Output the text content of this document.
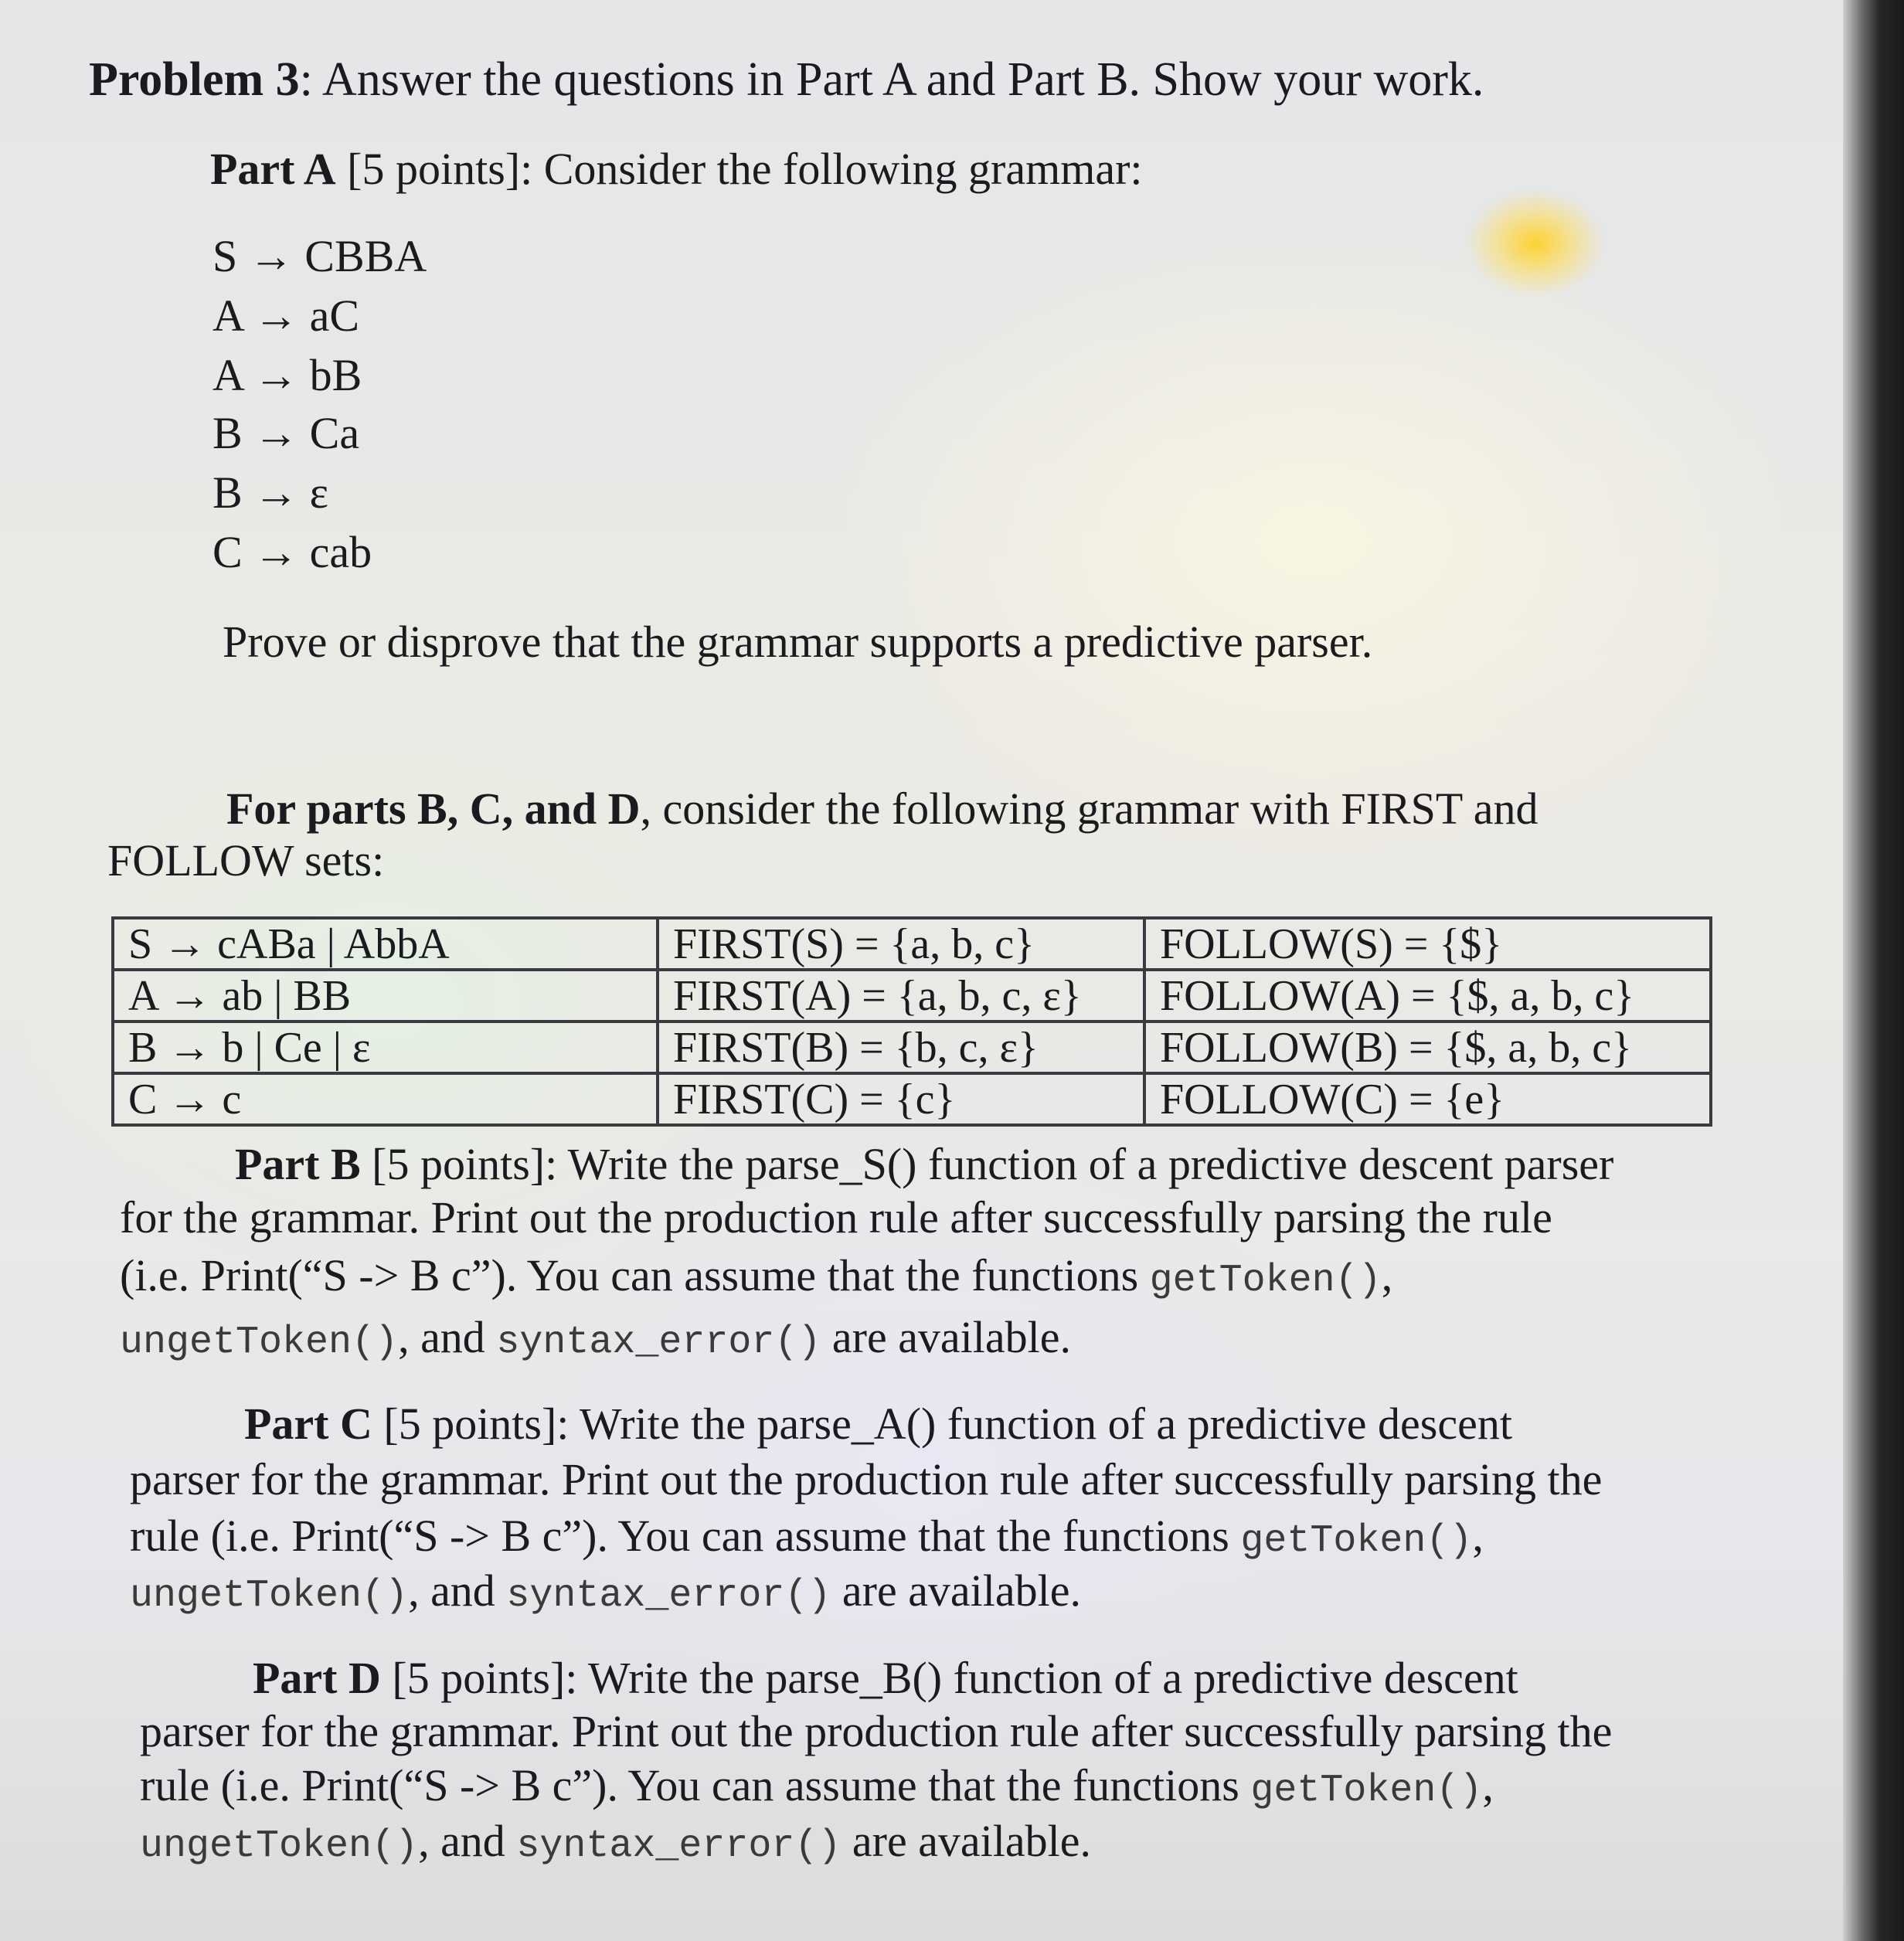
Problem 3: Answer the questions in Part A and Part B. Show your work.
Part A [5 points]: Consider the following grammar:
S → CBBA
A → aC
A → bB
B → Ca
B → ε
C → cab
Prove or disprove that the grammar supports a predictive parser.
For parts B, C, and D, consider the following grammar with FIRST and
FOLLOW sets:
S → cABa | AbbA	FIRST(S) = {a, b, c}	FOLLOW(S) = {$}
A → ab | BB	FIRST(A) = {a, b, c, ε}	FOLLOW(A) = {$, a, b, c}
B → b | Ce | ε	FIRST(B) = {b, c, ε}	FOLLOW(B) = {$, a, b, c}
C → c	FIRST(C) = {c}	FOLLOW(C) = {e}
Part B [5 points]: Write the parse_S() function of a predictive descent parser
for the grammar. Print out the production rule after successfully parsing the rule
(i.e. Print(“S -> B c”). You can assume that the functions getToken(),
ungetToken(), and syntax_error() are available.
Part C [5 points]: Write the parse_A() function of a predictive descent
parser for the grammar. Print out the production rule after successfully parsing the
rule (i.e. Print(“S -> B c”). You can assume that the functions getToken(),
ungetToken(), and syntax_error() are available.
Part D [5 points]: Write the parse_B() function of a predictive descent
parser for the grammar. Print out the production rule after successfully parsing the
rule (i.e. Print(“S -> B c”). You can assume that the functions getToken(),
ungetToken(), and syntax_error() are available.
